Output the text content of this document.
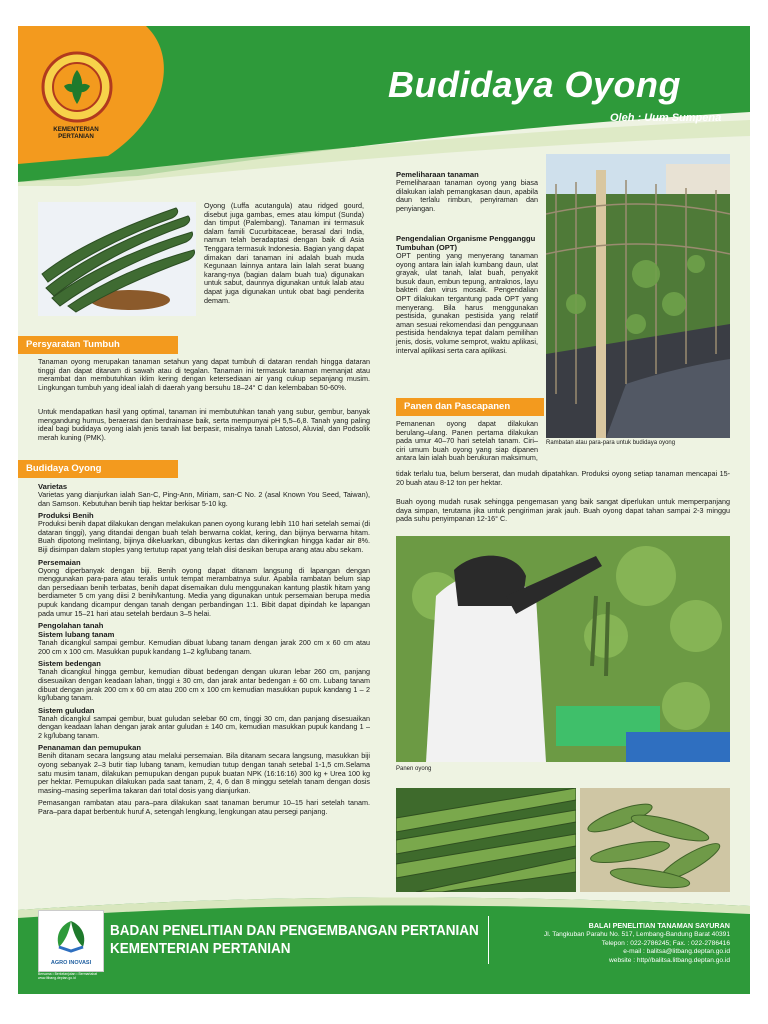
KEMENTERIAN
PERTANIAN
Budidaya Oyong
Oleh : Uum Sumpena
Oyong (Luffa acutangula) atau ridged gourd, disebut juga gambas, emes atau kimput (Sunda) dan timput (Palembang). Tanaman ini termasuk dalam famili Cucurbitaceae, berasal dari India, namun telah beradaptasi dengan baik di Asia Tenggara termasuk Indonesia. Bagian yang dapat dimakan dari tanaman ini adalah buah muda Kegunaan lainnya antara lain lalah serat buang karang-nya (bagian dalam buah tua) digunakan untuk sabut, daunnya digunakan untuk lalab atau dapat juga digunakan untuk obat bagi penderita demam.
Persyaratan Tumbuh
Tanaman oyong merupakan tanaman setahun yang dapat tumbuh di dataran rendah hingga dataran tinggi dan dapat ditanam di sawah atau di tegalan. Tanaman ini termasuk tanaman memanjat atau merambat dan membutuhkan iklim kering dengan ketersediaan air yang cukup sepanjang musim. Lingkungan tumbuh yang ideal ialah di daerah yang bersuhu 18–24° C dan kelembaban 50-60%.
Untuk mendapatkan hasil yang optimal, tanaman ini membutuhkan tanah yang subur, gembur, banyak mengandung humus, beraerasi dan berdrainase baik, serta mempunyai pH 5,5–6,8. Tanah yang paling ideal bagi budidaya oyong ialah jenis tanah liat berpasir, misalnya tanah Latosol, Aluvial, dan Podsolik merah kuning (PMK).
Budidaya Oyong
Varietas
Varietas yang dianjurkan ialah San-C, Ping-Ann, Miriam, san-C No. 2 (asal Known You Seed, Taiwan), dan Samson. Kebutuhan benih tiap hektar berkisar 5-10 kg.
Produksi Benih
Produksi benih dapat dilakukan dengan melakukan panen oyong kurang lebih 110 hari setelah semai (di dataran tinggi), yang ditandai dengan buah telah berwarna coklat, kering, dan bijinya berwarna hitam. Buah dipotong melintang, bijinya dikeluarkan, dibungkus kertas dan dikeringkan hingga kadar air 8%. Biji disimpan dalam stoples yang tertutup rapat yang telah diisi desikan berupa arang atau abu sekam.
Persemaian
Oyong diperbanyak dengan biji. Benih oyong dapat ditanam langsung di lapangan dengan menggunakan para-para atau teralis untuk tempat merambatnya sulur. Apabila rambatan belum siap dan persediaan benih terbatas, benih dapat disemaikan dulu menggunakan kantung plastik hitam yang berdiameter 5 cm yang diisi 2 benih/kantung. Media yang digunakan untuk persemaian berupa media pupuk kandang dicampur dengan tanah dengan perbandingan 1:1. Bibit dapat dipindah ke lapangan pada umur 15–21 hari atau setelah berdaun 3–5 helai.
Pengolahan tanah
Sistem lubang tanam
Tanah dicangkul sampai gembur. Kemudian dibuat lubang tanam dengan jarak 200 cm x 60 cm atau 200 cm x 100 cm. Masukkan pupuk kandang 1–2 kg/lubang tanam.
Sistem bedengan
Tanah dicangkul hingga gembur, kemudian dibuat bedengan dengan ukuran lebar 260 cm, panjang disesuaikan dengan keadaan lahan, tinggi ± 30 cm, dan jarak antar bedengan ± 60 cm. Lubang tanam dibuat dengan jarak 200 cm x 60 cm atau 200 cm x 100 cm kemudian masukkan pupuk kandang 1 – 2 kg/lubang tanam.
Sistem guludan
Tanah dicangkul sampai gembur, buat guludan selebar 60 cm, tinggi 30 cm, dan panjang disesuaikan dengan keadaan lahan dengan jarak antar guludan ± 140 cm, kemudian masukkan pupuk kandang 1 – 2 kg/lubang tanam.
Penanaman dan pemupukan
Benih ditanam secara langsung atau melalui persemaian. Bila ditanam secara langsung, masukkan biji oyong sebanyak 2–3 butir tiap lubang tanam, kemudian tutup dengan tanah setebal 1-1,5 cm.Selama satu musim tanam, dilakukan pemupukan dengan pupuk buatan NPK (16:16:16) 300 kg + Urea 100 kg per hektar. Pemupukan dilakukan pada saat tanam, 2, 4, 6 dan 8 minggu setelah tanam dengan dosis masing–masing seperlima takaran dari total dosis yang dianjurkan.
Pemasangan rambatan atau para–para dilakukan saat tanaman berumur 10–15 hari setelah tanam. Para–para dapat berbentuk huruf A, setengah lengkung, lengkungan atau persegi panjang.
Pemeliharaan tanaman
Pemeliharaan tanaman oyong yang biasa dilakukan ialah pemangkasan daun, apabila daun terlalu rimbun, penyiraman dan penyiangan.
Pengendalian Organisme Pengganggu Tumbuhan (OPT)
OPT penting yang menyerang tanaman oyong antara lain ialah kumbang daun, ulat grayak, ulat tanah, lalat buah, penyakit busuk daun, embun tepung, antraknos, layu bakteri dan virus mosaik. Pengendalian OPT dilakukan tergantung pada OPT yang menyerang. Bila harus menggunakan pestisida, gunakan pestisida yang relatif aman sesuai rekomendasi dan penggunaan pestisida hendaknya tepat dalam pemilihan jenis, dosis, volume semprot, waktu aplikasi, interval aplikasi serta cara aplikasi.
Rambatan atau para-para untuk budidaya oyong
Panen dan Pascapanen
Pemanenan oyong dapat dilakukan berulang–ulang. Panen pertama dilakukan pada umur 40–70 hari setelah tanam. Ciri–ciri umum buah oyong yang siap dipanen antara lain ialah buah berukuran maksimum,
tidak terlalu tua, belum berserat, dan mudah dipatahkan. Produksi oyong setiap tanaman mencapai 15-20 buah atau 8-12 ton per hektar.
Buah oyong mudah rusak sehingga pengemasan yang baik sangat diperlukan untuk memperpanjang daya simpan, terutama jika untuk pengiriman jarak jauh. Buah oyong dapat tahan sampai 2-3 minggu pada suhu penyimpanan 12-16° C.
Panen oyong
AGRO INOVASI
Bersama • Berkelanjutan • Bermartabat
www.litbang.deptan.go.id
BADAN PENELITIAN DAN PENGEMBANGAN PERTANIAN
KEMENTERIAN PERTANIAN
BALAI PENELITIAN TANAMAN SAYURAN
Jl. Tangkuban Parahu No. 517, Lembang-Bandung Barat 40391
Telepon : 022-2786245; Fax. : 022-2786416
e-mail : balitsa@litbang.deptan.go.id
website : http//balitsa.litbang.deptan.go.id
